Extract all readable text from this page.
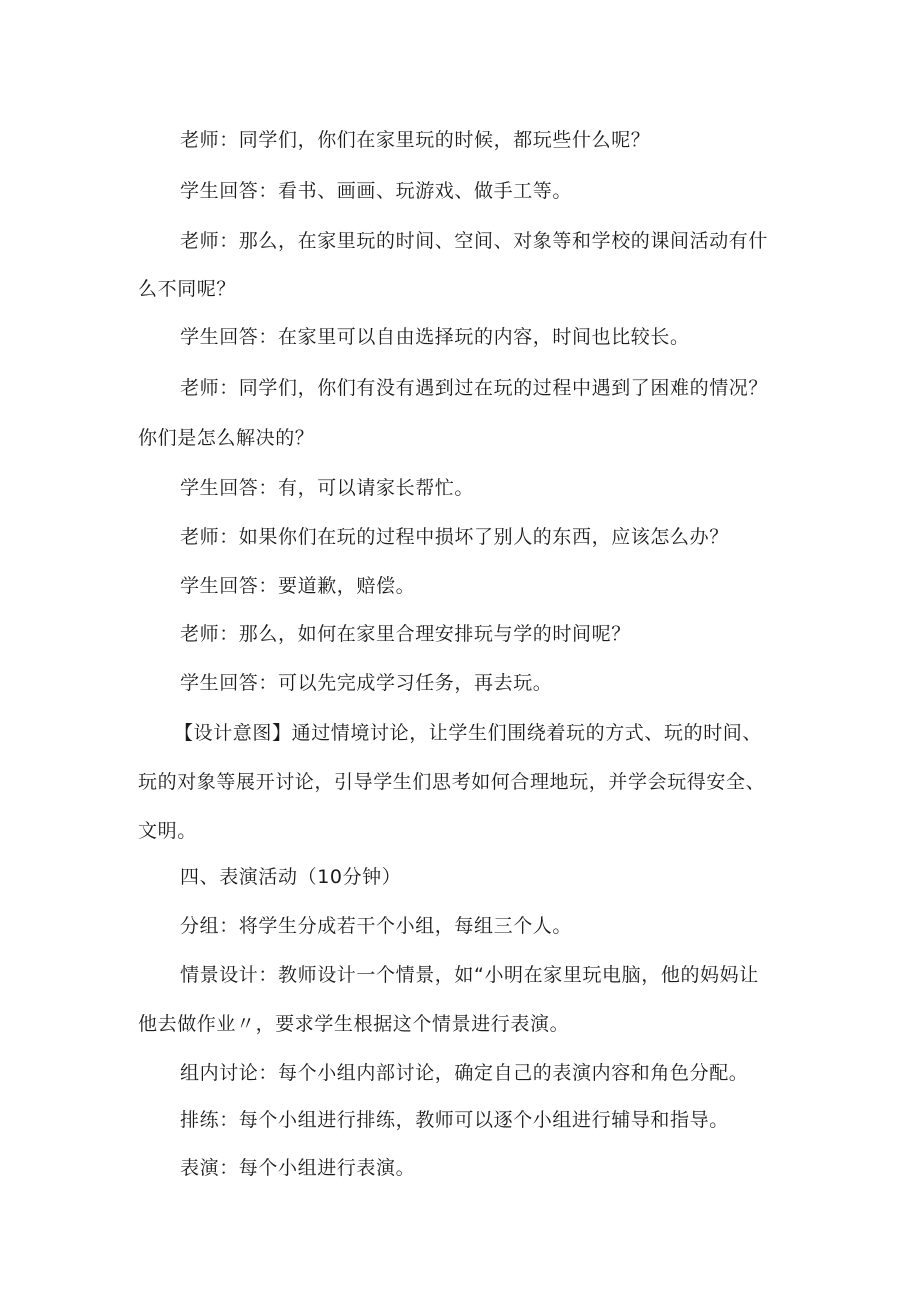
老师：同学们，你们在家里玩的时候，都玩些什么呢？
学生回答：看书、画画、玩游戏、做手工等。
老师：那么，在家里玩的时间、空间、对象等和学校的课间活动有什
么不同呢？
学生回答：在家里可以自由选择玩的内容，时间也比较长。
老师：同学们，你们有没有遇到过在玩的过程中遇到了困难的情况？
你们是怎么解决的？
学生回答：有，可以请家长帮忙。
老师：如果你们在玩的过程中损坏了别人的东西，应该怎么办？
学生回答：要道歉，赔偿。
老师：那么，如何在家里合理安排玩与学的时间呢？
学生回答：可以先完成学习任务，再去玩。
【设计意图】通过情境讨论，让学生们围绕着玩的方式、玩的时间、
玩的对象等展开讨论，引导学生们思考如何合理地玩，并学会玩得安全、
文明。
四、表演活动（10分钟）
分组：将学生分成若干个小组，每组三个人。
情景设计：教师设计一个情景，如“小明在家里玩电脑，他的妈妈让
他去做作业〃，要求学生根据这个情景进行表演。
组内讨论：每个小组内部讨论，确定自己的表演内容和角色分配。
排练：每个小组进行排练，教师可以逐个小组进行辅导和指导。
表演：每个小组进行表演。
